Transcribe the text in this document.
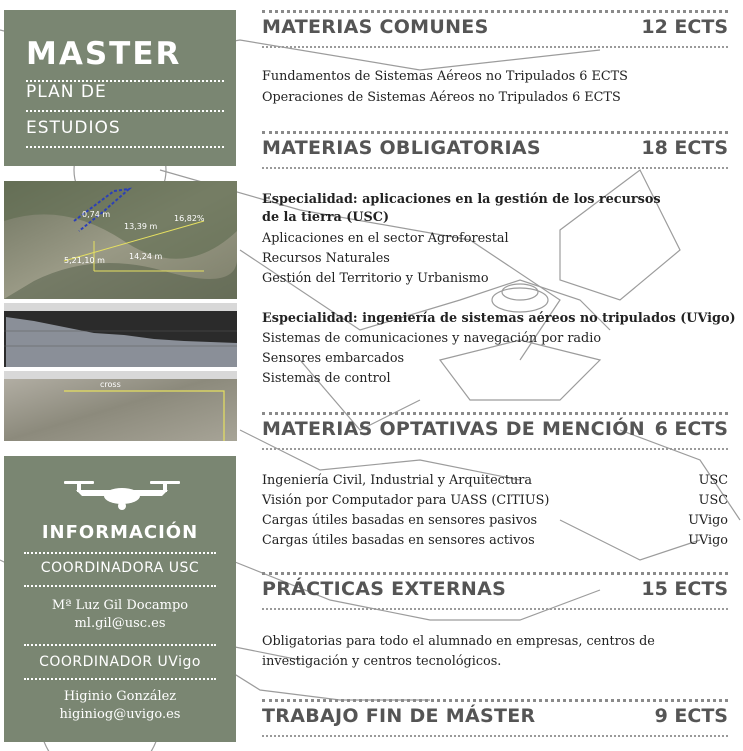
MASTER
PLAN DE
ESTUDIOS
0,74 m
13,39 m
16,82%
14,24 m
5,21,10 m
cross
INFORMACIÓN
COORDINADORA USC
Mª Luz Gil Docampo
ml.gil@usc.es
COORDINADOR UVigo
Higinio González
higiniog@uvigo.es
MATERIAS COMUNES	12 ECTS
Fundamentos de Sistemas Aéreos no Tripulados 6 ECTS
Operaciones de Sistemas Aéreos no Tripulados 6 ECTS
MATERIAS OBLIGATORIAS	18 ECTS
Especialidad: aplicaciones en la gestión de los recursos
de la tierra (USC)
Aplicaciones en el sector Agroforestal
Recursos Naturales
Gestión del Territorio y Urbanismo
Especialidad: ingeniería de sistemas aéreos no tripulados (UVigo)
Sistemas de comunicaciones y navegación por radio
Sensores embarcados
Sistemas de control
MATERIAS OPTATIVAS DE MENCIÓN 6 ECTS
Ingeniería Civil, Industrial y Arquitectura	USC
Visión por Computador para UASS (CITIUS)	USC
Cargas útiles basadas en sensores pasivos	UVigo
Cargas útiles basadas en sensores activos	UVigo
PRÁCTICAS EXTERNAS	15 ECTS
Obligatorias para todo el alumnado en empresas, centros de
investigación y centros tecnológicos.
TRABAJO FIN DE MÁSTER	9 ECTS
